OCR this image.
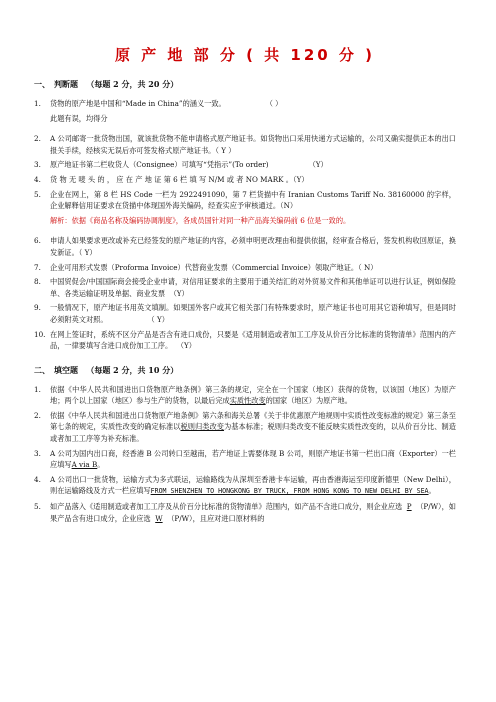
原 产 地 部 分 ( 共 120 分 )
一、 判断题 （每题 2 分，共 20 分）
1.	货物的原产地是中国和“Made in China”的涵义一致。	（ ）
此题有误，均得分
2.	A 公司邮寄一批货物出国，就该批货物不能申请格式原产地证书。如货物出口采用快递方式运输的，公司又确实提供正本的出口报关手续，经核实无误后亦可签发格式原产地证书。（ Y ）
3.	原产地证书第二栏收货人（Consignee）可填写“凭指示”(To order)	（Y）
4.	货 物 无 唛 头 的 ， 应 在 产 地 证 第 6 栏 填 写 N/M 或 者 NO MARK 。（Y）
5.	企业在网上，第 8 栏 HS Code 一栏为 2922491090，第 7 栏货描中有 Iranian Customs Tariff No. 38160000 的字样，企业解释信用证要求在货描中体现国外海关编码，经查实应予审核通过。（N）
解析：依据《商品名称及编码协调制度》，各成员国针对同一种产品海关编码前 6 位是一致的。
6.	申请人如果要求更改或补充已经签发的原产地证的内容，必须申明更改理由和提供依据，经审查合格后，签发机构收回原证，换发新证。（ Y）
7.	企业可用形式发票（Proforma Invoice）代替商业发票（Commercial Invoice）领取产地证。（ N）
8.	中国贸促会/中国国际商会接受企业申请，对信用证要求的主要用于通关结汇的对外贸易文件和其他单证可以进行认证，例如保险单、各类运输证明及单据、商业发票 （Y）
9.	一般情况下，原产地证书用英文填制。如果国外客户或其它相关部门有特殊要求时，原产地证书也可用其它语种填写，但是同时必须附英文对照。	（ Y）
10. 在网上签证时，系统不区分产品是否含有进口成份，只要是《适用制造或者加工工序及从价百分比标准的货物清单》范围内的产品，一律要填写含进口成份加工工序。 （Y）
二、 填空题 （每题 2 分，共 10 分）
1.	依据《中华人民共和国进出口货物原产地条例》第三条的规定，完全在一个国家（地区）获得的货物，以该国（地区）为原产地；两个以上国家（地区）参与生产的货物，以最后完成实质性改变的国家（地区）为原产地。
2.	依据《中华人民共和国进出口货物原产地条例》第六条和海关总署《关于非优惠原产地规则中实质性改变标准的规定》第三条至第七条的规定，实质性改变的确定标准以税则归类改变为基本标准；税则归类改变不能反映实质性改变的，以从价百分比、制造或者加工工序等为补充标准。
3.	A 公司为国内出口商，经香港 B 公司转口至越南，若产地证上需要体现 B 公司，则原产地证书第一栏出口商（Exporter）一栏应填写A via B。
4.	A 公司出口一批货物，运输方式为多式联运，运输路线为从深圳至香港卡车运输，再由香港海运至印度新德里（New Delhi），则在运输路线及方式一栏应填写FROM SHENZHEN TO HONGKONG BY TRUCK, FROM HONG KONG TO NEW DELHI BY SEA。
5.	如产品落入《适用制造或者加工工序及从价百分比标准的货物清单》范围内，如产品不含进口成分，则企业应选 P （P/W），如果产品含有进口成分，企业应选 W （P/W），且应对进口原材料的
